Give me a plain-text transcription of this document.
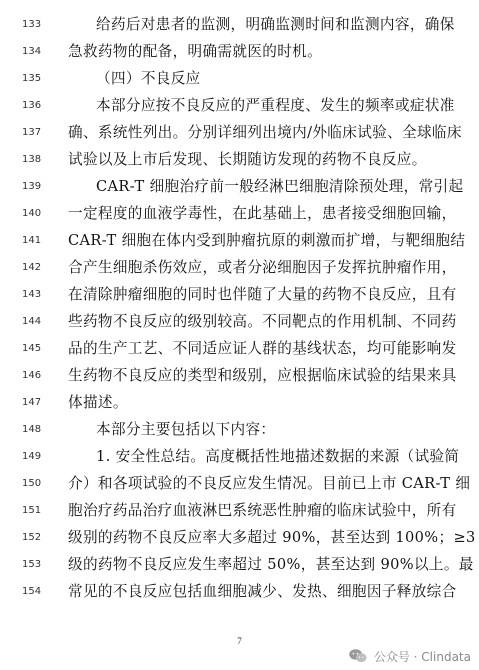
133	给药后对患者的监测，明确监测时间和监测内容，确保
134	急救药物的配备，明确需就医的时机。
135	（四）不良反应
136	本部分应按不良反应的严重程度、发生的频率或症状准
137	确、系统性列出。分别详细列出境内/外临床试验、全球临床
138	试验以及上市后发现、长期随访发现的药物不良反应。
139	CAR-T 细胞治疗前一般经淋巴细胞清除预处理，常引起
140	一定程度的血液学毒性，在此基础上，患者接受细胞回输，
141	CAR-T 细胞在体内受到肿瘤抗原的刺激而扩增，与靶细胞结
142	合产生细胞杀伤效应，或者分泌细胞因子发挥抗肿瘤作用，
143	在清除肿瘤细胞的同时也伴随了大量的药物不良反应，且有
144	些药物不良反应的级别较高。不同靶点的作用机制、不同药
145	品的生产工艺、不同适应证人群的基线状态，均可能影响发
146	生药物不良反应的类型和级别，应根据临床试验的结果来具
147	体描述。
148	本部分主要包括以下内容：
149	1. 安全性总结。高度概括性地描述数据的来源（试验简
150	介）和各项试验的不良反应发生情况。目前已上市 CAR-T 细
151	胞治疗药品治疗血液淋巴系统恶性肿瘤的临床试验中，所有
152	级别的药物不良反应率大多超过 90%，甚至达到 100%；≥3
153	级的药物不良反应发生率超过 50%，甚至达到 90%以上。最
154	常见的不良反应包括血细胞减少、发热、细胞因子释放综合
7
公众号 · Clindata
